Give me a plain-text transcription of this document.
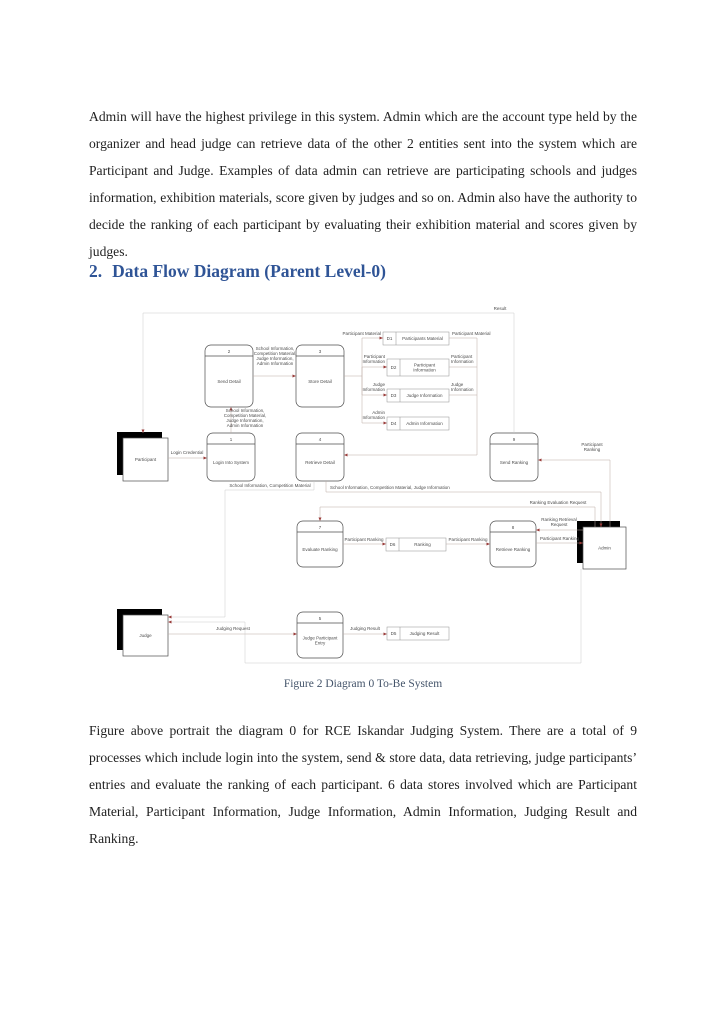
Admin will have the highest privilege in this system. Admin which are the account type held by the organizer and head judge can retrieve data of the other 2 entities sent into the system which are Participant and Judge. Examples of data admin can retrieve are participating schools and judges information, exhibition materials, score given by judges and so on. Admin also have the authority to decide the ranking of each participant by evaluating their exhibition material and scores given by judges.

2. Data Flow Diagram (Parent Level-0)
Participant
Judge
Admin
1
Login Into System
2
Send Detail
3
Store Detail
4
Retrieve Detail
5
Judge Participant Entry
7
Evaluate Ranking
8
Retrieve Ranking
9
Send Ranking
D1 Participants Material
D2 Participant Information
D3 Judge Information
D4 Admin Information
D6 Ranking
D5 Judging Result
Login Credential
School Information, Competition Material, Judge Information, Admin Information
School Information, Competition Material, Judge Information, Admin Information
Participant Material
Participant Information
Judge Information
Admin Information
Participant Material
Participant Information
Judge Information
Result
Participant Ranking
School Information, Competition Material, Judge Information
School Information, Competition Material
Ranking Evaluation Request
Ranking Retrieval Request
Participant Ranking
Participant Ranking	Participant Ranking
Judging Request	Judging Result
Figure 2 Diagram 0 To-Be System

Figure above portrait the diagram 0 for RCE Iskandar Judging System. There are a total of 9 processes which include login into the system, send & store data, data retrieving, judge participants’ entries and evaluate the ranking of each participant. 6 data stores involved which are Participant Material, Participant Information, Judge Information, Admin Information, Judging Result and Ranking.
